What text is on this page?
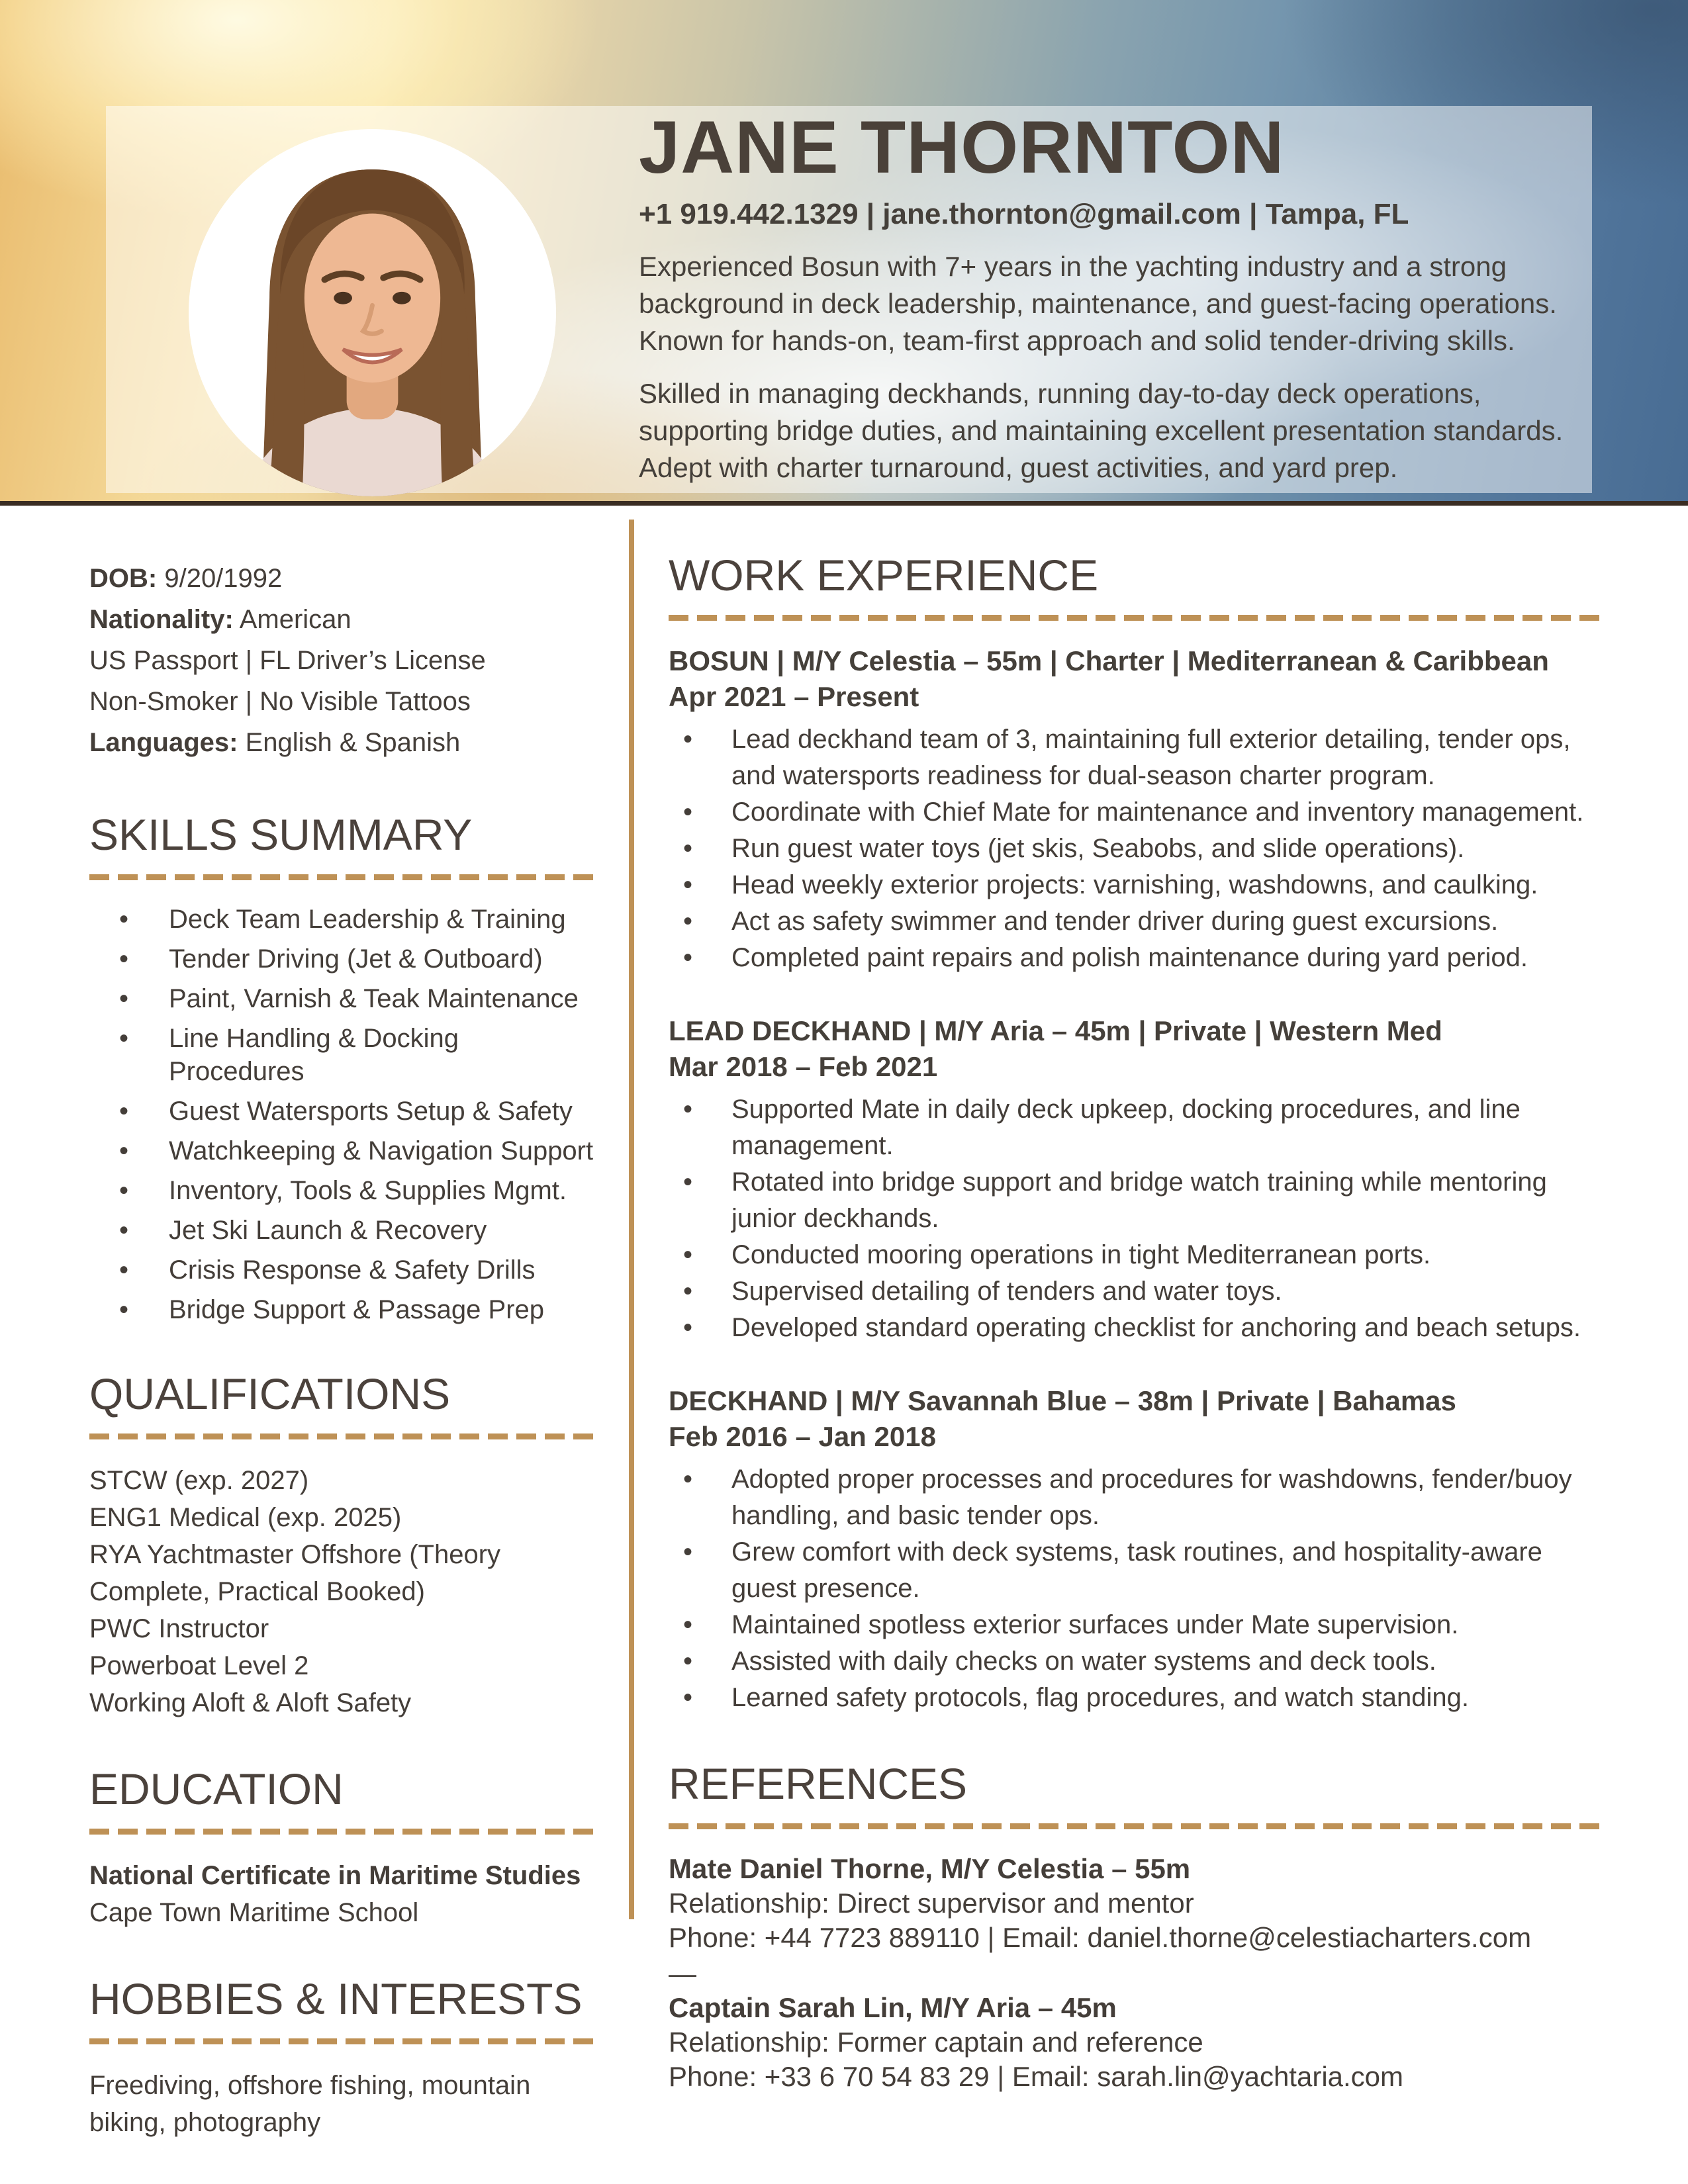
JANE THORNTON
+1 919.442.1329 | jane.thornton@gmail.com | Tampa, FL
Experienced Bosun with 7+ years in the yachting industry and a strong background in deck leadership, maintenance, and guest-facing operations. Known for hands-on, team-first approach and solid tender-driving skills.
Skilled in managing deckhands, running day-to-day deck operations, supporting bridge duties, and maintaining excellent presentation standards. Adept with charter turnaround, guest activities, and yard prep.
DOB: 9/20/1992
Nationality: American
US Passport | FL Driver’s License
Non-Smoker | No Visible Tattoos
Languages: English & Spanish
SKILLS SUMMARY
•	Deck Team Leadership & Training
•	Tender Driving (Jet & Outboard)
•	Paint, Varnish & Teak Maintenance
•	Line Handling & Docking Procedures
•	Guest Watersports Setup & Safety
•	Watchkeeping & Navigation Support
•	Inventory, Tools & Supplies Mgmt.
•	Jet Ski Launch & Recovery
•	Crisis Response & Safety Drills
•	Bridge Support & Passage Prep
QUALIFICATIONS
STCW (exp. 2027)
ENG1 Medical (exp. 2025)
RYA Yachtmaster Offshore (Theory Complete, Practical Booked)
PWC Instructor
Powerboat Level 2
Working Aloft & Aloft Safety
EDUCATION
National Certificate in Maritime Studies
Cape Town Maritime School
HOBBIES & INTERESTS
Freediving, offshore fishing, mountain biking, photography
WORK EXPERIENCE
BOSUN | M/Y Celestia – 55m | Charter | Mediterranean & Caribbean
Apr 2021 – Present
•	Lead deckhand team of 3, maintaining full exterior detailing, tender ops, and watersports readiness for dual-season charter program.
•	Coordinate with Chief Mate for maintenance and inventory management.
•	Run guest water toys (jet skis, Seabobs, and slide operations).
•	Head weekly exterior projects: varnishing, washdowns, and caulking.
•	Act as safety swimmer and tender driver during guest excursions.
•	Completed paint repairs and polish maintenance during yard period.
LEAD DECKHAND | M/Y Aria – 45m | Private | Western Med
Mar 2018 – Feb 2021
•	Supported Mate in daily deck upkeep, docking procedures, and line management.
•	Rotated into bridge support and bridge watch training while mentoring junior deckhands.
•	Conducted mooring operations in tight Mediterranean ports.
•	Supervised detailing of tenders and water toys.
•	Developed standard operating checklist for anchoring and beach setups.
DECKHAND | M/Y Savannah Blue – 38m | Private | Bahamas
Feb 2016 – Jan 2018
•	Adopted proper processes and procedures for washdowns, fender/buoy handling, and basic tender ops.
•	Grew comfort with deck systems, task routines, and hospitality-aware guest presence.
•	Maintained spotless exterior surfaces under Mate supervision.
•	Assisted with daily checks on water systems and deck tools.
•	Learned safety protocols, flag procedures, and watch standing.
REFERENCES
Mate Daniel Thorne, M/Y Celestia – 55m
Relationship: Direct supervisor and mentor
Phone: +44 7723 889110 | Email: daniel.thorne@celestiacharters.com
—
Captain Sarah Lin, M/Y Aria – 45m
Relationship: Former captain and reference
Phone: +33 6 70 54 83 29 | Email: sarah.lin@yachtaria.com
